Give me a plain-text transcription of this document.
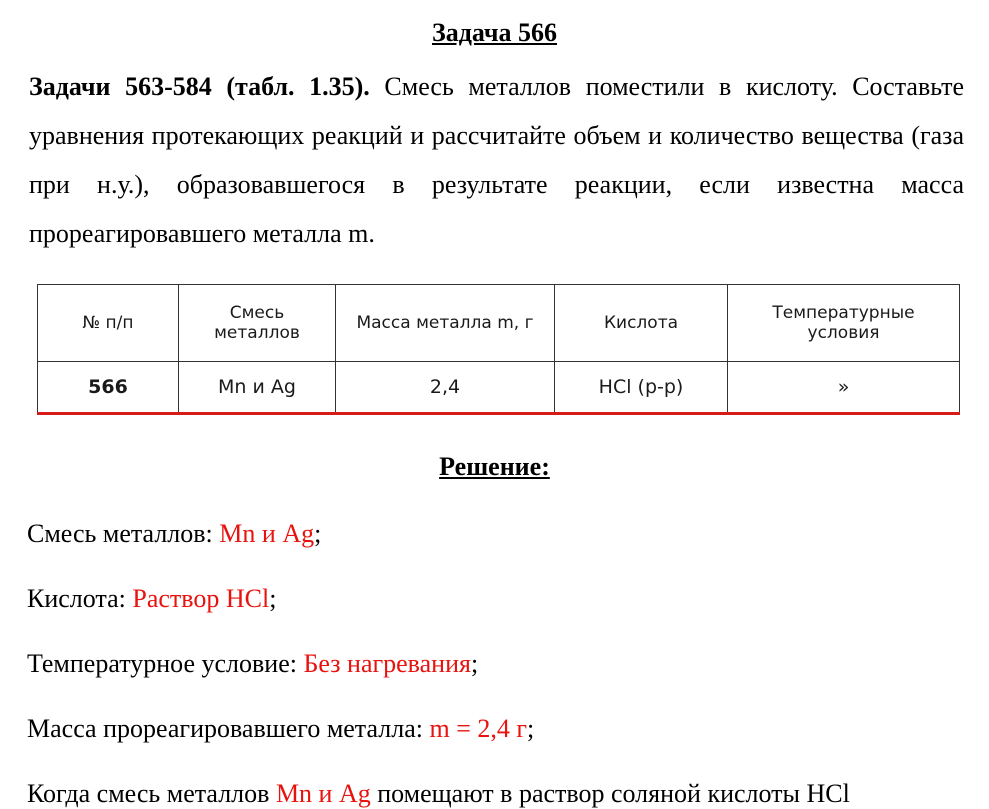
Задача 566

Задачи 563-584 (табл. 1.35). Смесь металлов поместили в кислоту. Составьте уравнения протекающих реакций и рассчитайте объем и количество вещества (газа при н.у.), образовавшегося в результате реакции, если известна масса прореагировавшего металла m.

№ п/п	Смесь металлов	Масса металла m, г	Кислота	Температурные условия
566	Mn и Ag	2,4	HCl (р-р)	»
Решение:
Смесь металлов: Mn и Ag;
Кислота: Раствор HCl;
Температурное условие: Без нагревания;
Масса прореагировавшего металла: m = 2,4 г;
Когда смесь металлов Mn и Ag помещают в раствор соляной кислоты HCl
